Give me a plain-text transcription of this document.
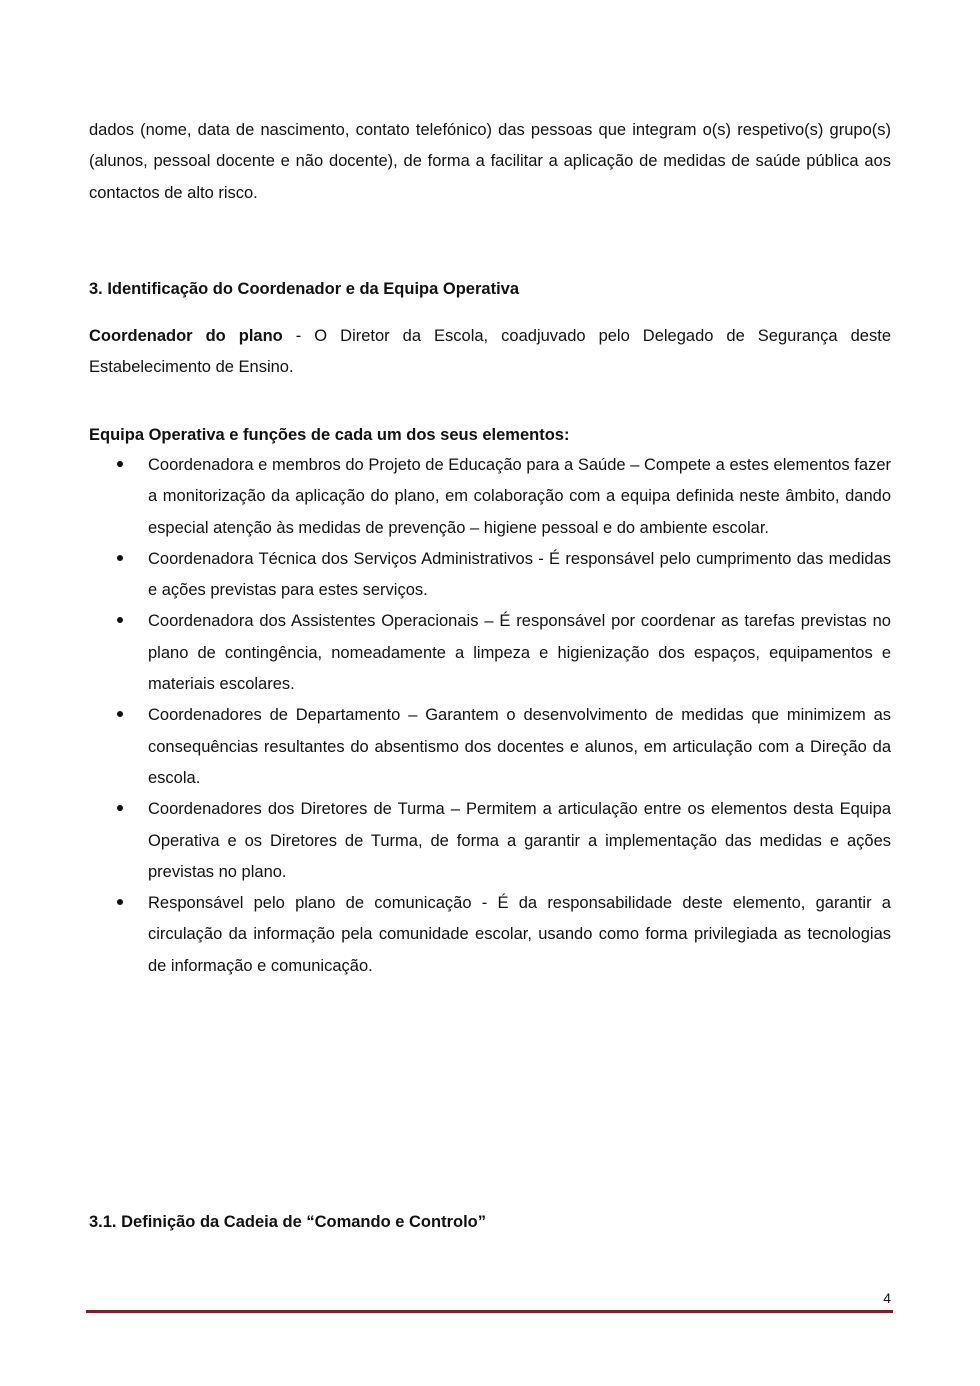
dados (nome, data de nascimento, contato telefónico) das pessoas que integram o(s) respetivo(s) grupo(s) (alunos, pessoal docente e não docente), de forma a facilitar a aplicação de medidas de saúde pública aos contactos de alto risco.

3. Identificação do Coordenador e da Equipa Operativa

Coordenador do plano - O Diretor da Escola, coadjuvado pelo Delegado de Segurança deste Estabelecimento de Ensino.

Equipa Operativa e funções de cada um dos seus elementos:
Coordenadora e membros do Projeto de Educação para a Saúde – Compete a estes elementos fazer a monitorização da aplicação do plano, em colaboração com a equipa definida neste âmbito, dando especial atenção às medidas de prevenção – higiene pessoal e do ambiente escolar.
Coordenadora Técnica dos Serviços Administrativos - É responsável pelo cumprimento das medidas e ações previstas para estes serviços.
Coordenadora dos Assistentes Operacionais – É responsável por coordenar as tarefas previstas no plano de contingência, nomeadamente a limpeza e higienização dos espaços, equipamentos e materiais escolares.
Coordenadores de Departamento – Garantem o desenvolvimento de medidas que minimizem as consequências resultantes do absentismo dos docentes e alunos, em articulação com a Direção da escola.
Coordenadores dos Diretores de Turma – Permitem a articulação entre os elementos desta Equipa Operativa e os Diretores de Turma, de forma a garantir a implementação das medidas e ações previstas no plano.
Responsável pelo plano de comunicação - É da responsabilidade deste elemento, garantir a circulação da informação pela comunidade escolar, usando como forma privilegiada as tecnologias de informação e comunicação.
3.1. Definição da Cadeia de “Comando e Controlo”

4
